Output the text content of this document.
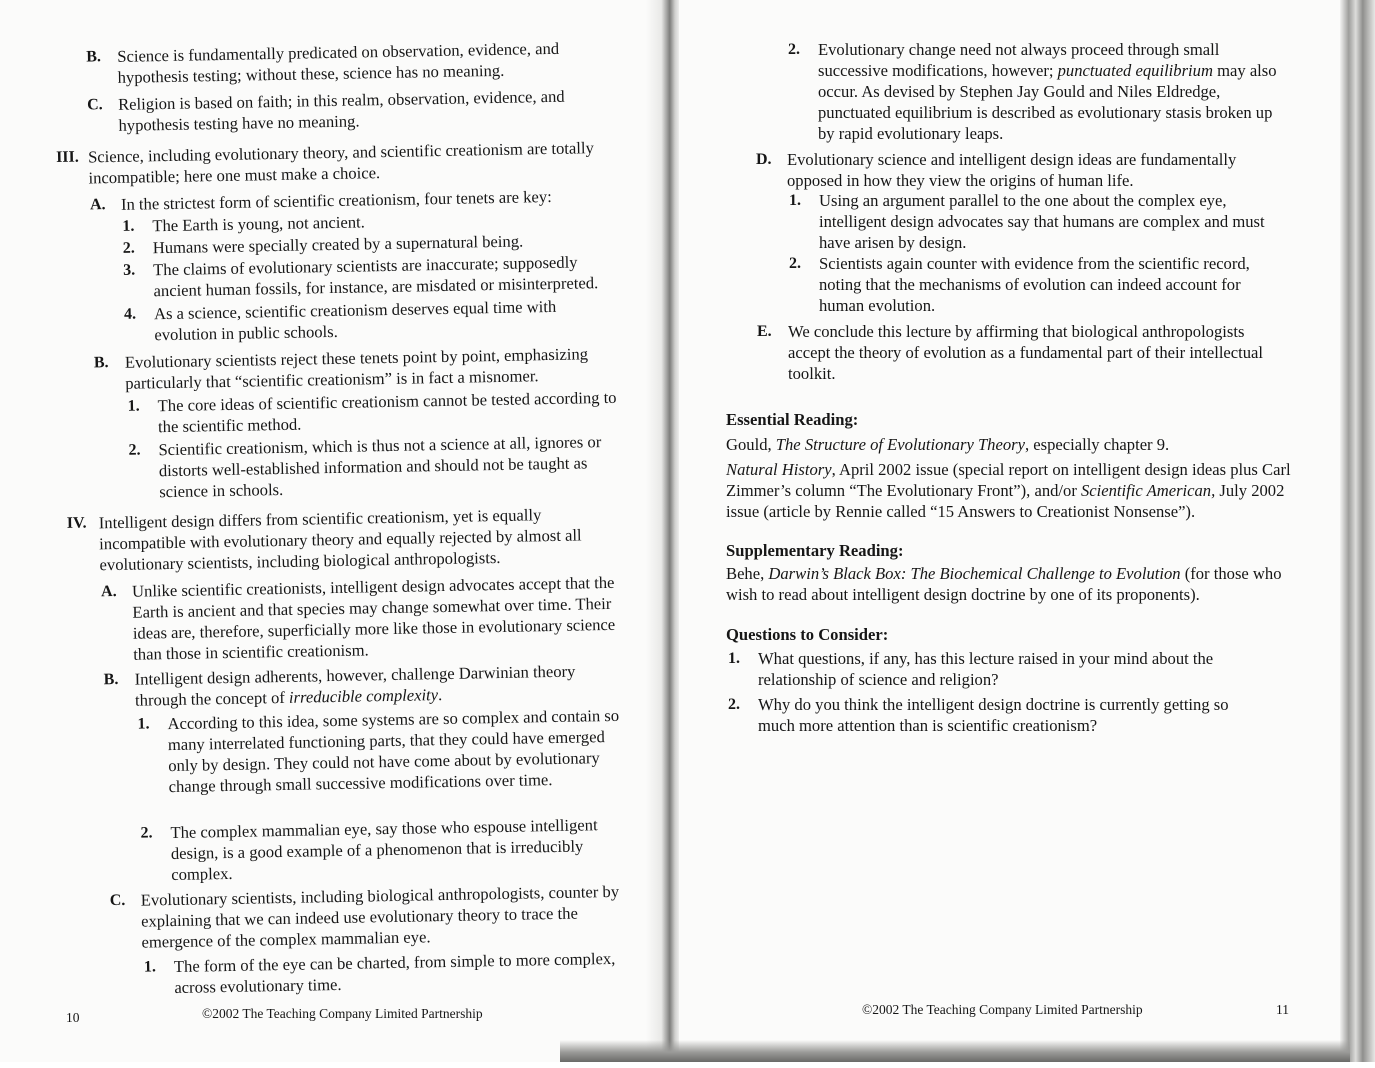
B. Science is fundamentally predicated on observation, evidence, and hypothesis testing; without these, science has no meaning.
C. Religion is based on faith; in this realm, observation, evidence, and hypothesis testing have no meaning.
III. Science, including evolutionary theory, and scientific creationism are totally incompatible; here one must make a choice.
A. In the strictest form of scientific creationism, four tenets are key:
1. The Earth is young, not ancient.
2. Humans were specially created by a supernatural being.
3. The claims of evolutionary scientists are inaccurate; supposedly ancient human fossils, for instance, are misdated or misinterpreted.
4. As a science, scientific creationism deserves equal time with evolution in public schools.
B. Evolutionary scientists reject these tenets point by point, emphasizing particularly that “scientific creationism” is in fact a misnomer.
1. The core ideas of scientific creationism cannot be tested according to the scientific method.
2. Scientific creationism, which is thus not a science at all, ignores or distorts well-established information and should not be taught as science in schools.
IV. Intelligent design differs from scientific creationism, yet is equally incompatible with evolutionary theory and equally rejected by almost all evolutionary scientists, including biological anthropologists.
A. Unlike scientific creationists, intelligent design advocates accept that the Earth is ancient and that species may change somewhat over time. Their ideas are, therefore, superficially more like those in evolutionary science than those in scientific creationism.
B. Intelligent design adherents, however, challenge Darwinian theory through the concept of irreducible complexity.
1. According to this idea, some systems are so complex and contain so many interrelated functioning parts, that they could have emerged only by design. They could not have come about by evolutionary change through small successive modifications over time.
2. The complex mammalian eye, say those who espouse intelligent design, is a good example of a phenomenon that is irreducibly complex.
C. Evolutionary scientists, including biological anthropologists, counter by explaining that we can indeed use evolutionary theory to trace the emergence of the complex mammalian eye.
1. The form of the eye can be charted, from simple to more complex, across evolutionary time.
10	©2002 The Teaching Company Limited Partnership
2. Evolutionary change need not always proceed through small successive modifications, however; punctuated equilibrium may also occur. As devised by Stephen Jay Gould and Niles Eldredge, punctuated equilibrium is described as evolutionary stasis broken up by rapid evolutionary leaps.
D. Evolutionary science and intelligent design ideas are fundamentally opposed in how they view the origins of human life.
1. Using an argument parallel to the one about the complex eye, intelligent design advocates say that humans are complex and must have arisen by design.
2. Scientists again counter with evidence from the scientific record, noting that the mechanisms of evolution can indeed account for human evolution.
E. We conclude this lecture by affirming that biological anthropologists accept the theory of evolution as a fundamental part of their intellectual toolkit.
Essential Reading:
Gould, The Structure of Evolutionary Theory, especially chapter 9.
Natural History, April 2002 issue (special report on intelligent design ideas plus Carl Zimmer’s column “The Evolutionary Front”), and/or Scientific American, July 2002 issue (article by Rennie called “15 Answers to Creationist Nonsense”).
Supplementary Reading:
Behe, Darwin’s Black Box: The Biochemical Challenge to Evolution (for those who wish to read about intelligent design doctrine by one of its proponents).
Questions to Consider:
1. What questions, if any, has this lecture raised in your mind about the relationship of science and religion?
2. Why do you think the intelligent design doctrine is currently getting so much more attention than is scientific creationism?
©2002 The Teaching Company Limited Partnership	11
